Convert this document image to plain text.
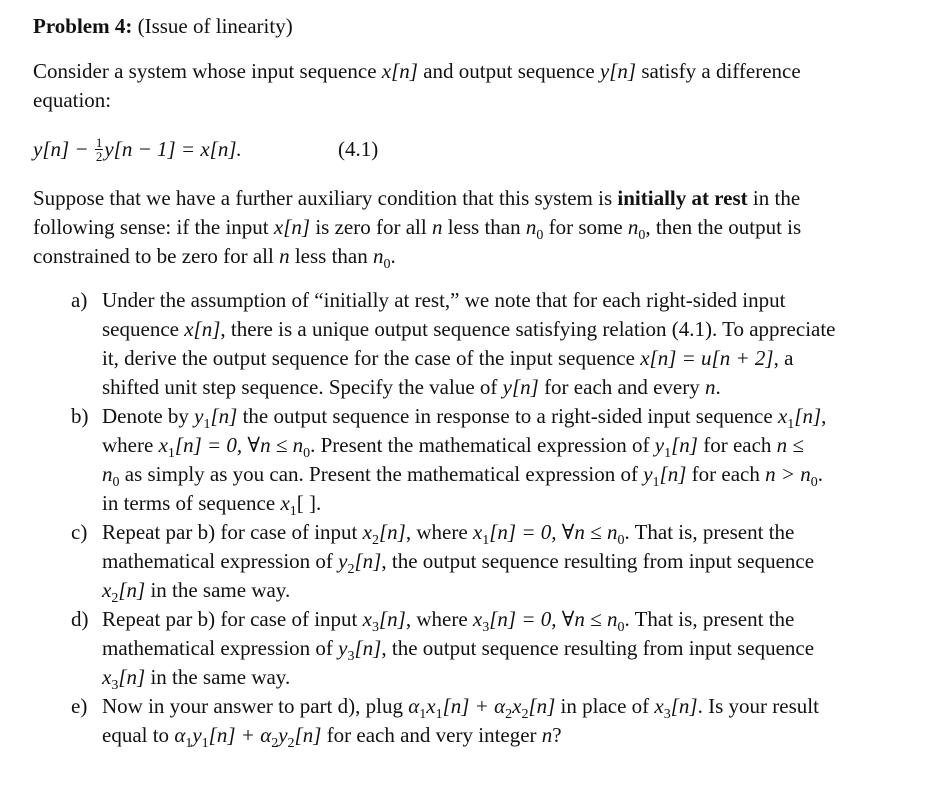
Problem 4: (Issue of linearity)
Consider a system whose input sequence x[n] and output sequence y[n] satisfy a difference
equation:
$y[n] - \frac{1}{2} y[n - 1] = x[n]$.	(4.1)
Suppose that we have a further auxiliary condition that this system is initially at rest in the
following sense: if the input x[n] is zero for all n less than $n_0$ for some $n_0$, then the output is
constrained to be zero for all n less than $n_0$.
a) Under the assumption of “initially at rest,” we note that for each right-sided input
sequence x[n], there is a unique output sequence satisfying relation (4.1). To appreciate
it, derive the output sequence for the case of the input sequence x[n] = u[n + 2], a
shifted unit step sequence. Specify the value of y[n] for each and every n.
b) Denote by $y_1[n]$ the output sequence in response to a right-sided input sequence $x_1[n]$,
where $x_1[n] = 0$, ∀n ≤ $n_0$. Present the mathematical expression of $y_1[n]$ for each n ≤
$n_0$ as simply as you can. Present the mathematical expression of $y_1[n]$ for each $n > n_0$.
in terms of sequence $x_1$[ ].
c) Repeat par b) for case of input $x_2[n]$, where $x_1[n] = 0$, ∀n ≤ $n_0$. That is, present the
mathematical expression of $y_2[n]$, the output sequence resulting from input sequence
$x_2[n]$ in the same way.
d) Repeat par b) for case of input $x_3[n]$, where $x_3[n] = 0$, ∀n ≤ $n_0$. That is, present the
mathematical expression of $y_3[n]$, the output sequence resulting from input sequence
$x_3[n]$ in the same way.
e) Now in your answer to part d), plug $\alpha_1x_1[n] + \alpha_2x_2[n]$ in place of $x_3[n]$. Is your result
equal to $\alpha_1y_1[n] + \alpha_2y_2[n]$ for each and very integer n?
